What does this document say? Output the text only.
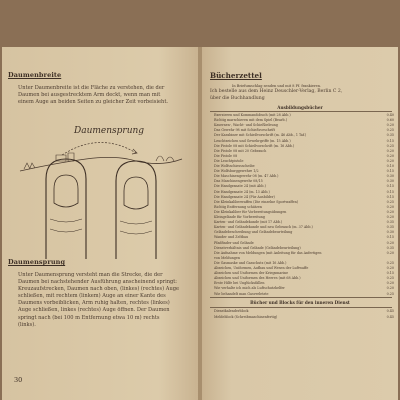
Daumenbreite

Unter Daumenbreite ist die Fläche zu verstehen, die der
Daumen bei ausgestrecktem Arm deckt, wenn man mit
einem Auge an beiden Seiten zu gleicher Zeit vorbeisieht.

Daumensprung
Daumensprung

Unter Daumensprung versteht man die Strecke, die der
Daumen bei nachstehender Ausführung anscheinend springt:
Kreuzaufstrecken, Daumen nach oben, (linkes) (rechtes) Auge
schließen, mit rechtem (linkem) Auge an einer Kante des
Daumens vorbeiblicken, Arm ruhig halten, rechtes (linkes)
Auge schließen, linkes (rechtes) Auge öffnen. Der Daumen
springt nach (bei 100 m Entfernung etwa 10 m) rechts
(links).

30
Bücherzettel
In Briefumschlag senden und mit 8 Pf. frankieren.
Ich bestelle aus dem Heinz Deuschler-Verlag, Berlin C 2,
über die Buchhandlung
Ausbildungsbücher
Exerzieren und Kommandobuch (mit 28 Abb.)	0.40
Richtig marschieren mit dem Spiel (Bearb.)	0.60
Kasernen-, Wacht- und Schießbeleung	0.20
Das Gewehr 98 mit Schießvorschrift	0.25
Der Karabiner mit Schießvorschrift (m. 46 Abb., 1 Taf.)	0.35
Leuchtzeichen und Gewehrgriffe (m. 15 Abb.)	0.15
Die Pistole 08 mit Schießvorschrift (m. 16 Abb.)	0.25
Die Pistole 08 mit 20 Gebrauch	0.20
Die Pistole 08	0.20
Die Leuchtpistole	0.20
Die Wolfsschiessscheibe	0.10
Die Wolfsburggewehre 1/2	0.15
Die Maschinengewehr 08 (m. 47 Abb.)	0.30
Das Maschinengewehr 08/15	0.30
Die Handgranate 24 (mit Abb.)	0.15
Die Handgranate 24 (m. 13 Abb.)	0.15
Die Handgranate 24 (Für Ausbilder)	0.15
Die Kleinkaliberwaffen (Die einzelne Sportwaffen)	0.25
Richtig Entfernung schätzen	0.20
Die Kleinkaliber für Vorbereitungsübungen	0.20
Kleingelände für Vorbereitung	0.20
Karten- und Geländekunde (mit 17 Abb.)	0.35
Karten- und Geländekunde und neu Gebrauch (m. 37 Abb.)	0.35
Geländebeschreibung und Geländebeurteilung	0.30
Wander und Zeltbau	0.15
Pfadfinder und Gelände	0.20
Dienstverhältnis und Gelände (Geländebeurteilung)	0.35
Die Aufnahme von Meldungen (mit Anleitung für das Anfertigen	0.20
von Meldungen
Die Gasmaske und Gasschutz (mit 16 Abb.)	0.25
Abzeichen, Uniformen, Aufbau und Wesen der Luftwaffe	0.20
Abzeichen und Uniformen der Kriegsmarine	0.15
Abzeichen und Uniformen des Heeres (mit 68 Abb.)	0.25
Erste Hilfe bei Unglücksfällen	0.20
Wie verhalte ich mich als Luftschutzhelfer	0.20
Wie behandelt man Gasverletzte	0.25
Bücher und Blocks für den inneren Dienst
Dienstkalenderblock	0.45
Meldeblock (Schreibmaschinenfertig)	0.45
